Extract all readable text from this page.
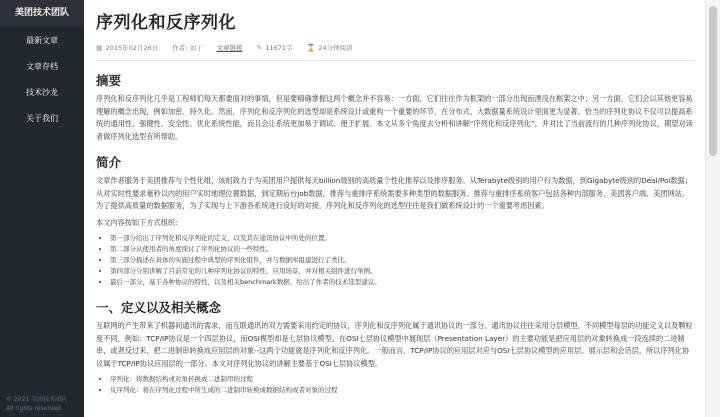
美团技术团队
最新文章
文章存档
技术沙龙
关于我们
© 2021 美团技术团队
All rights reserved.
序列化和反序列化
▦ 2015年02月26日 作者: 刘丁 文章链接 ✎ 11671字 ⌛ 24分钟阅读
摘要

序列化和反序列化几乎是工程师们每天都要面对的事情，但是要精确掌握这两个概念并不容易：一方面，它们往往作为框架的一部分出现而湮没在框架之中；另一方面，它们会以其他更容易理解的概念出现，例如加密、持久化。然而，序列化和反序列化的选型却是系统设计或重构一个重要的环节，在分布式、大数据量系统设计里面更为显著。恰当的序列化协议不仅可以提高系统的通用性、强健性、安全性、优化系统性能，而且会让系统更加易于调试、便于扩展。本文从多个角度去分析和讲解“序列化和反序列化”，并对比了当前流行的几种序列化协议，期望对读者做序列化选型有所帮助。

简介

文章作者服务于美团推荐与个性化组，该组致力于为美团用户提供每天billion级别的高质量个性化推荐以及排序服务。从Terabyte级别的用户行为数据，到Gigabyte级别的Deal/Poi数据；从对实时性要求毫秒以内的用户实时地理位置数据，到定期后台job数据，推荐与重排序系统需要多种类型的数据服务。推荐与重排序系统客户包括各种内部服务、美团客户端、美团网站。为了提供高质量的数据服务，为了实现与上下游各系统进行良好的对接，序列化和反序列化的选型往往是我们做系统设计的一个重要考虑因素。

本文内容按如下方式组织：

• 第一部分给出了序列化和反序列化的定义，以及其在通讯协议中所处的位置。
• 第二部分从使用者的角度探讨了序列化协议的一些特性。
• 第三部分描述在具体的实施过程中典型的序列化组件，并与数据库组建进行了类比。
• 第四部分分别讲解了目前常见的几种序列化协议的特性，应用场景，并对相关组件进行举例。
• 最后一部分，基于各种协议的特性，以及相关benchmark数据，给出了作者的技术选型建议。
一、定义以及相关概念

互联网的产生带来了机器间通讯的需求，而互联通讯的双方需要采用约定的协议，序列化和反序列化属于通讯协议的一部分。通讯协议往往采用分层模型，不同模型每层的功能定义以及颗粒度不同，例如：TCP/IP协议是一个四层协议，而OSI模型却是七层协议模型。在OSI七层协议模型中展现层（Presentation Layer）的主要功能是把应用层的对象转换成一段连续的二进制串，或者反过来，把二进制串转换成应用层的对象--这两个功能就是序列化和反序列化。一般而言，TCP/IP协议的应用层对应与OSI七层协议模型的应用层、展示层和会话层，所以序列化协议属于TCP/IP协议应用层的一部分。本文对序列化协议的讲解主要基于OSI七层协议模型。

• 序列化：将数据结构或对象转换成二进制串的过程
• 反序列化：将在序列化过程中所生成的二进制串转换成数据结构或者对象的过程
